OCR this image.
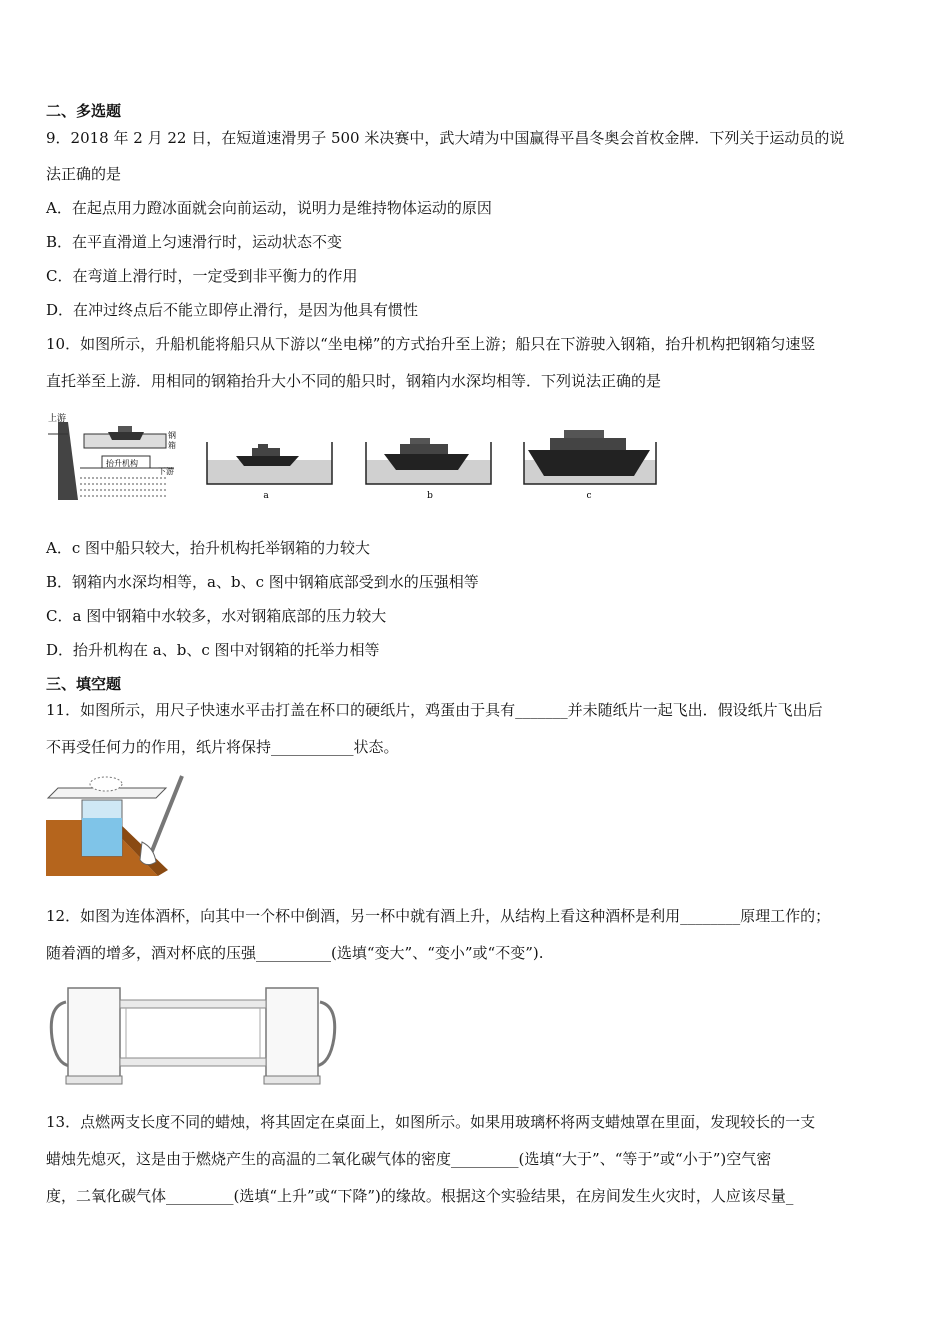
二、多选题
9．2018 年 2 月 22 日，在短道速滑男子 500 米决赛中，武大靖为中国赢得平昌冬奥会首枚金牌．下列关于运动员的说
法正确的是
A．在起点用力蹬冰面就会向前运动，说明力是维持物体运动的原因
B．在平直滑道上匀速滑行时，运动状态不变
C．在弯道上滑行时，一定受到非平衡力的作用
D．在冲过终点后不能立即停止滑行，是因为他具有惯性
10．如图所示，升船机能将船只从下游以“坐电梯”的方式抬升至上游；船只在下游驶入钢箱，抬升机构把钢箱匀速竖
直托举至上游．用相同的钢箱抬升大小不同的船只时，钢箱内水深均相等．下列说法正确的是
上游
钢
箱
抬升机构
下游
a	b	c
A．c 图中船只较大，抬升机构托举钢箱的力较大
B．钢箱内水深均相等，a、b、c 图中钢箱底部受到水的压强相等
C．a 图中钢箱中水较多，水对钢箱底部的压力较大
D．抬升机构在 a、b、c 图中对钢箱的托举力相等
三、填空题
11．如图所示，用尺子快速水平击打盖在杯口的硬纸片，鸡蛋由于具有_______并未随纸片一起飞出．假设纸片飞出后
不再受任何力的作用，纸片将保持___________状态。
12．如图为连体酒杯，向其中一个杯中倒酒，另一杯中就有酒上升，从结构上看这种酒杯是利用________原理工作的；
随着酒的增多，酒对杯底的压强__________(选填“变大”、“变小”或“不变”).
13．点燃两支长度不同的蜡烛，将其固定在桌面上，如图所示。如果用玻璃杯将两支蜡烛罩在里面，发现较长的一支
蜡烛先熄灭，这是由于燃烧产生的高温的二氧化碳气体的密度_________(选填“大于”、“等于”或“小于”)空气密
度，二氧化碳气体_________(选填“上升”或“下降”)的缘故。根据这个实验结果，在房间发生火灾时，人应该尽量_
